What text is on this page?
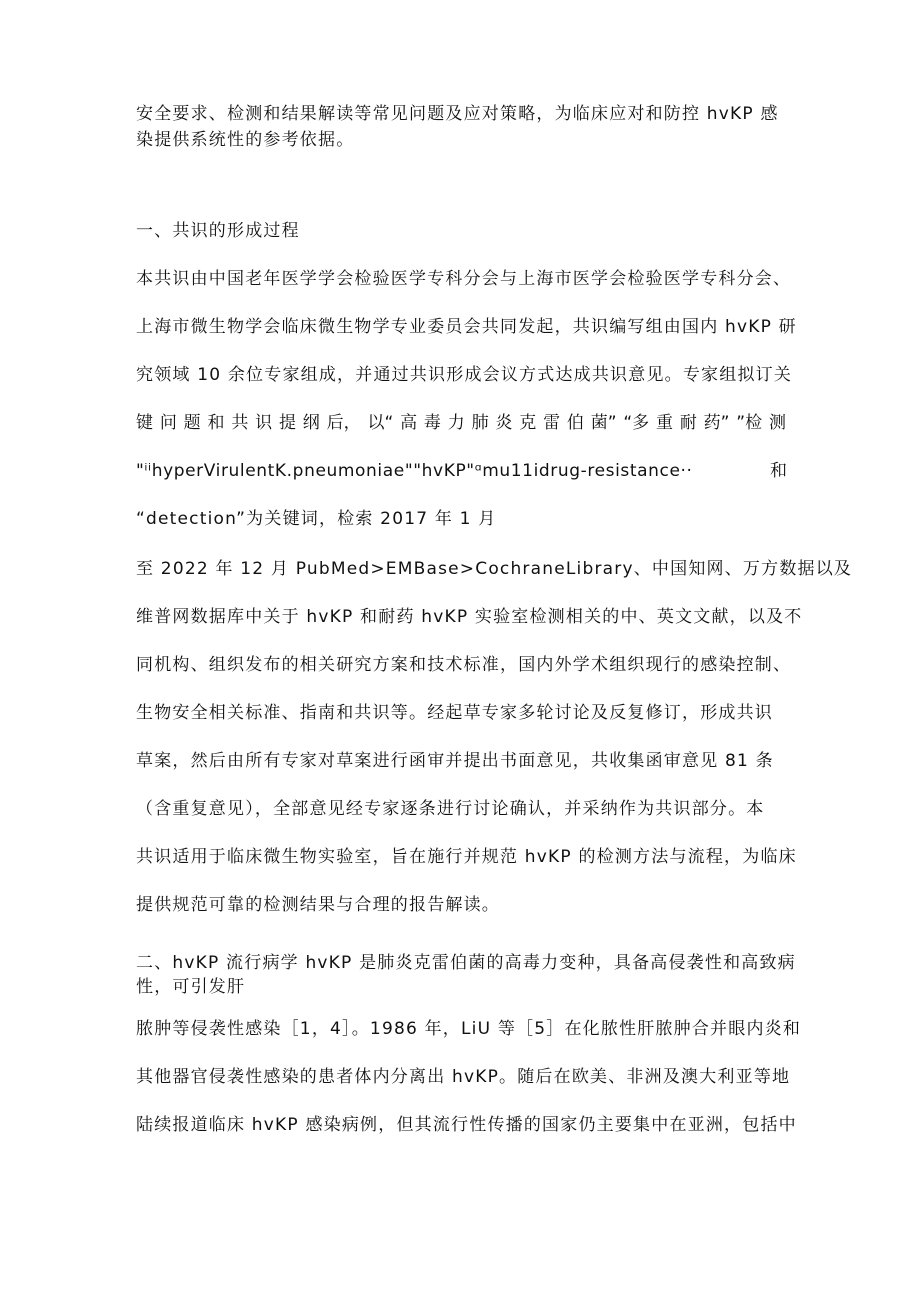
安全要求、检测和结果解读等常见问题及应对策略，为临床应对和防控 hvKP 感
染提供系统性的参考依据。
一、共识的形成过程
本共识由中国老年医学学会检验医学专科分会与上海市医学会检验医学专科分会、
上海市微生物学会临床微生物学专业委员会共同发起，共识编写组由国内 hvKP 研
究领域 10 余位专家组成，并通过共识形成会议方式达成共识意见。专家组拟订关
键 问 题 和 共 识 提 纲 后， 以“ 高 毒 力 肺 炎 克 雷 伯 菌” “多 重 耐 药” ”检 测
"ⁱⁱhyperVirulentK.pneumoniae""hvKP"ᵅmu11idrug-resistance··	和
“detection”为关键词，检索 2017 年 1 月
至 2022 年 12 月 PubMed>EMBase>CochraneLibrary、中国知网、万方数据以及
维普网数据库中关于 hvKP 和耐药 hvKP 实验室检测相关的中、英文文献，以及不
同机构、组织发布的相关研究方案和技术标准，国内外学术组织现行的感染控制、
生物安全相关标准、指南和共识等。经起草专家多轮讨论及反复修订，形成共识
草案，然后由所有专家对草案进行函审并提出书面意见，共收集函审意见 81 条
（含重复意见），全部意见经专家逐条进行讨论确认，并采纳作为共识部分。本
共识适用于临床微生物实验室，旨在施行并规范 hvKP 的检测方法与流程，为临床
提供规范可靠的检测结果与合理的报告解读。
二、hvKP 流行病学 hvKP 是肺炎克雷伯菌的高毒力变种，具备高侵袭性和高致病
性，可引发肝
脓肿等侵袭性感染［1，4］。1986 年，LiU 等［5］在化脓性肝脓肿合并眼内炎和
其他器官侵袭性感染的患者体内分离出 hvKP。随后在欧美、非洲及澳大利亚等地
陆续报道临床 hvKP 感染病例，但其流行性传播的国家仍主要集中在亚洲，包括中
